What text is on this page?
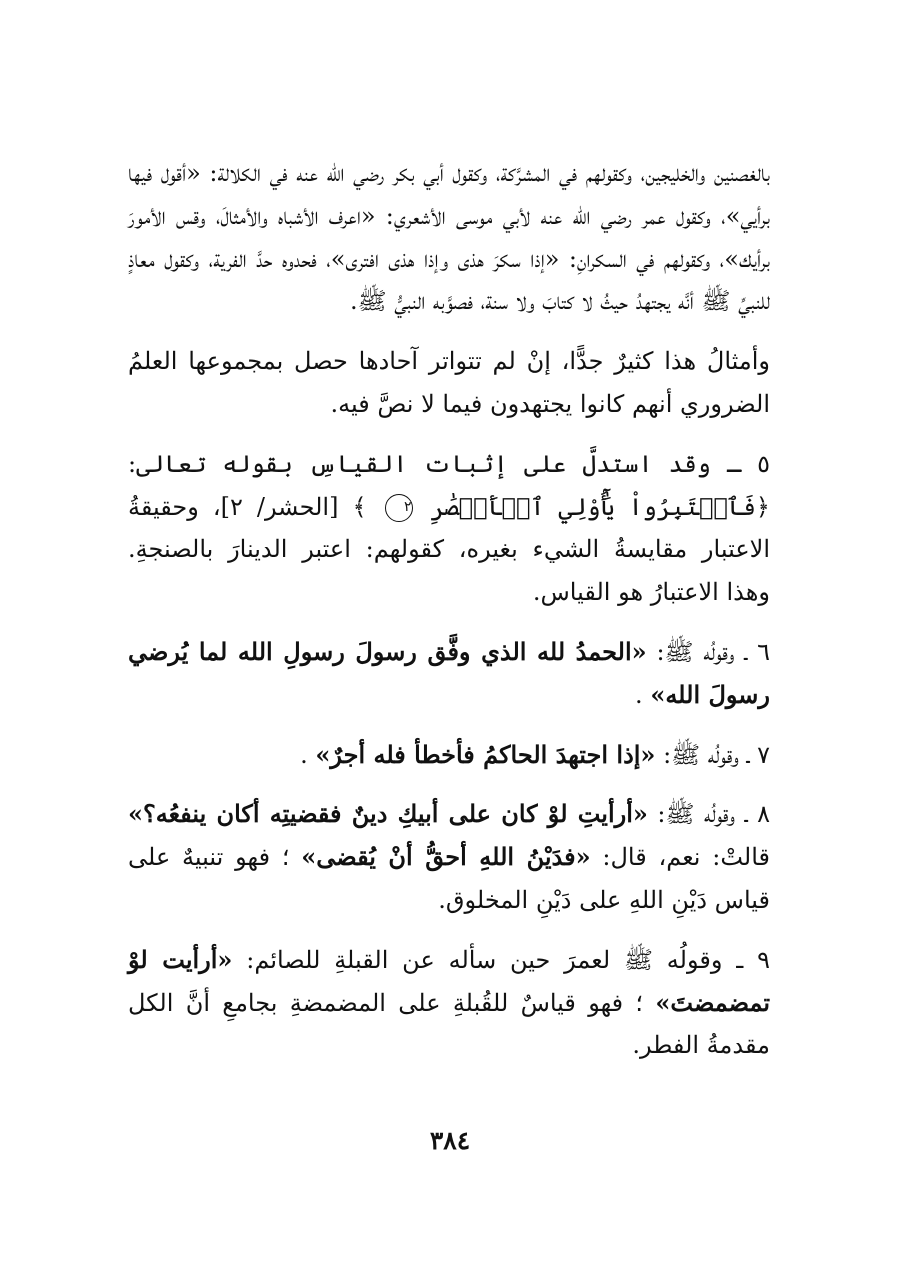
بالغصنين والخليجين، وكقولهم في المشرَّكة، وكقول أبي بكر رضي الله عنه في الكلالة: «أقول فيها برأيي»، وكقول عمر رضي الله عنه لأبي موسى الأشعري: «اعرف الأشباه والأمثالَ، وقس الأمورَ برأيك»، وكقولهم في السكرانِ: «إذا سكرَ هذى وإذا هذى افترى»، فحدوه حدَّ الفرية، وكقول معاذٍ للنبيِّ ﷺ أنَّه يجتهدُ حيثُ لا كتابَ ولا سنة، فصوَّبه النبيُّ ﷺ.

وأمثالُ هذا كثيرٌ جدًّا، إنْ لم تتواتر آحادها حصل بمجموعها العلمُ الضروري أنهم كانوا يجتهدون فيما لا نصَّ فيه.

٥ ـ وقد استدلَّ على إثبات القياسِ بقوله تعالى: ﴿فَٱعۡتَبِرُواْ يَٰٓأُوْلِي ٱلۡأَبۡصَٰرِ ٢ ﴾ [الحشر/ ٢]، وحقيقةُ الاعتبار مقايسةُ الشيء بغيره، كقولهم: اعتبر الدينارَ بالصنجةِ. وهذا الاعتبارُ هو القياس.

٦ ـ وقولُه ﷺ: «الحمدُ لله الذي وفَّق رسولَ رسولِ الله لما يُرضي رسولَ الله» .

٧ ـ وقولُه ﷺ: «إذا اجتهدَ الحاكمُ فأخطأ فله أجرٌ» .

٨ ـ وقولُه ﷺ: «أرأيتِ لوْ كان على أبيكِ دينٌ فقضيتِه أكان ينفعُه؟» قالتْ: نعم، قال: «فدَيْنُ اللهِ أحقُّ أنْ يُقضى» ؛ فهو تنبيهٌ على قياس دَيْنِ اللهِ على دَيْنِ المخلوق.

٩ ـ وقولُه ﷺ لعمرَ حين سأله عن القبلةِ للصائم: «أرأيت لوْ تمضمضتَ» ؛ فهو قياسٌ للقُبلةِ على المضمضةِ بجامعِ أنَّ الكل مقدمةُ الفطر.

٣٨٤
